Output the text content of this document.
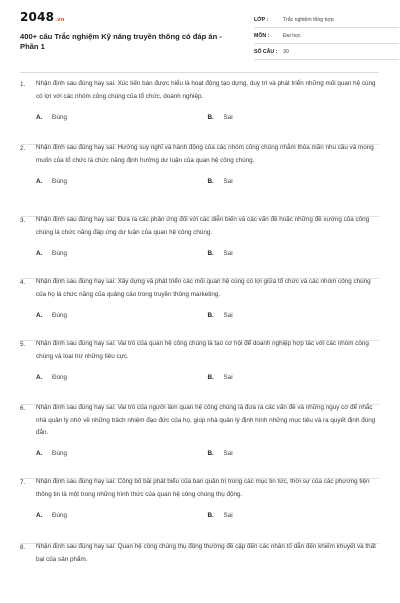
2048.vn
400+ câu Trắc nghiệm Kỹ năng truyền thông có đáp án - Phần 1
LỚP :	Trắc nghiệm tổng hợp
MÔN :	Đại học
SỐ CÂU :	30
1. Nhận định sau đúng hay sai: Xúc tiến bán được hiểu là hoạt động tạo dựng, duy trì và phát triển những mối quan hệ cùng có lợi với các nhóm công chúng của tổ chức, doanh nghiệp.
A.	Đúng	B.	Sai
2. Nhận định sau đúng hay sai: Hướng suy nghĩ và hành động của các nhóm công chúng nhằm thỏa mãn nhu cầu và mong muốn của tổ chức là chức năng định hướng dư luận của quan hệ công chúng.
A.	Đúng	B.	Sai
3. Nhận định sau đúng hay sai: Đưa ra các phản ứng đối với các diễn biến và các vấn đề hoặc những đề xướng của công chúng là chức năng đáp ứng dư luận của quan hệ công chúng.
A.	Đúng	B.	Sai
4. Nhận định sau đúng hay sai: Xây dựng và phát triển các mối quan hệ cùng có lợi giữa tổ chức và các nhóm công chúng của họ là chức năng của quảng cáo trong truyền thông marketing.
A.	Đúng	B.	Sai
5. Nhận định sau đúng hay sai: Vai trò của quan hệ công chúng là tạo cơ hội để doanh nghiệp hợp tác với các nhóm công chúng và loại trừ những tiêu cực.
A.	Đúng	B.	Sai
6. Nhận định sau đúng hay sai: Vai trò của người làm quan hệ công chúng là đưa ra các vấn đề và những nguy cơ để nhắc nhà quản lý nhớ về những trách nhiệm đạo đức của họ, giúp nhà quản lý định hình những mục tiêu và ra quyết định đúng đắn.
A.	Đúng	B.	Sai
7. Nhận định sau đúng hay sai: Công bố bài phát biểu của ban quản trị trong các mục tin tức, thời sự của các phương tiện thông tin là một trong những hình thức của quan hệ công chúng thụ động.
A.	Đúng	B.	Sai
8. Nhận định sau đúng hay sai: Quan hệ công chúng thụ động thường đề cập đến các nhân tố dẫn đến khiếm khuyết và thất bại của sản phẩm.
